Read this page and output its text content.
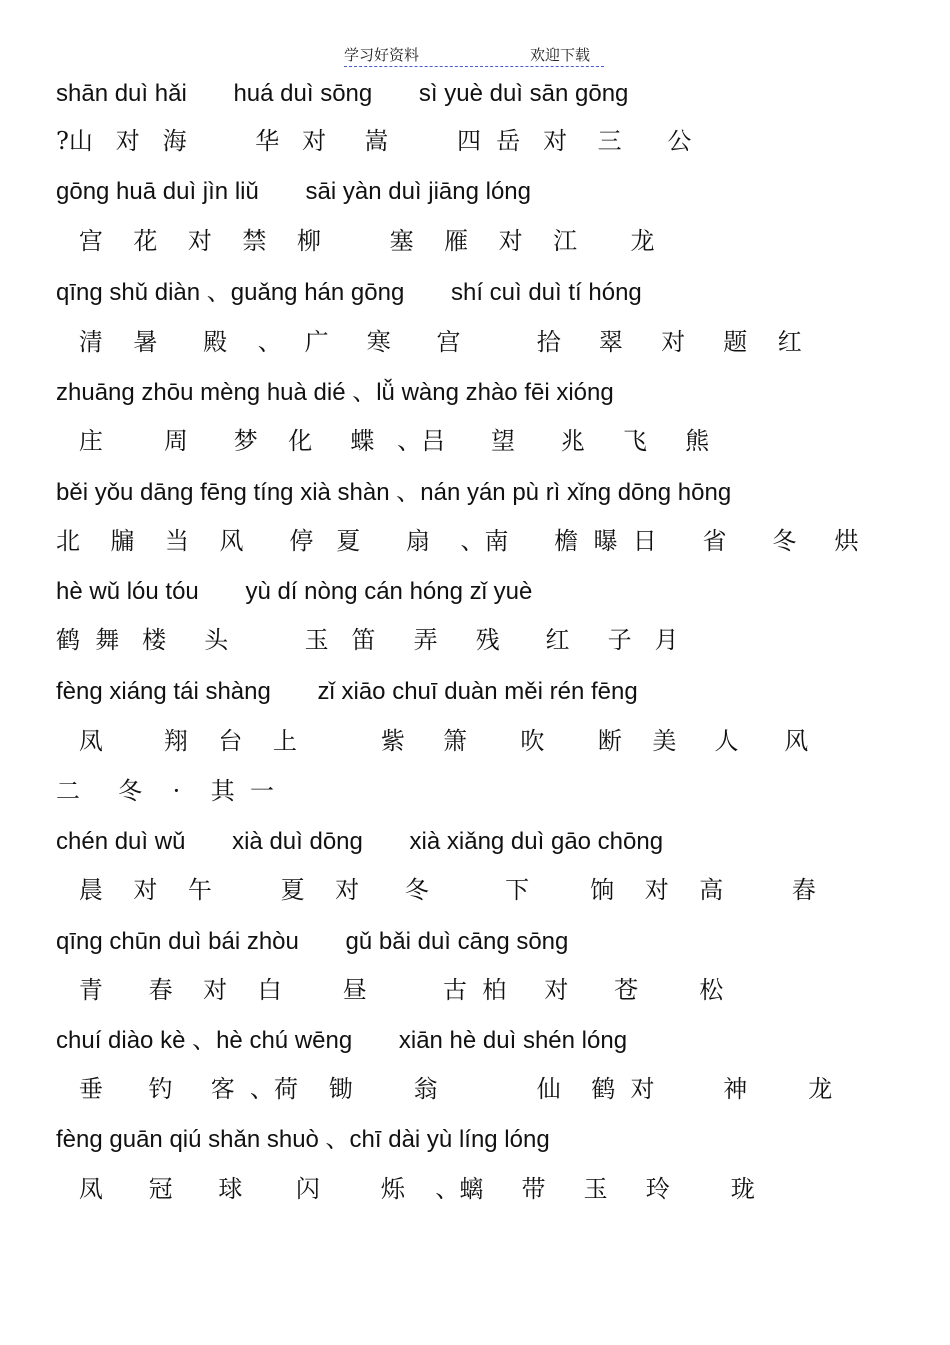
学习好资料	欢迎下载
shān duì hǎi       huá duì sōng       sì yuè duì sān gōng
?山   对   海         华   对     嵩         四  岳   对    三      公
gōng huā duì jìn liǔ       sāi yàn duì jiāng lóng
宫    花    对    禁    柳         塞    雁    对    江       龙
qīng shǔ diàn 、guǎng hán gōng       shí cuì duì tí hóng
清    暑      殿    、   广     寒      宫          拾     翠     对     题    红
zhuāng zhōu mèng huà dié 、lǚ wàng zhào fēi xióng
庄        周      梦    化     蝶   、吕      望      兆     飞     熊
běi yǒu dāng fēng tíng xià shàn 、nán yán pù rì xǐng dōng hōng
北    牖    当    风      停   夏      扇    、南      檐  曝  日      省      冬     烘
hè wǔ lóu tóu       yù dí nòng cán hóng zǐ yuè
鹤  舞   楼     头          玉   笛     弄     残      红     子   月
fèng xiáng tái shàng       zǐ xiāo chuī duàn měi rén fēng
凤        翔    台    上           紫     箫       吹       断    美     人      风
二     冬    ·    其  一
chén duì wǔ       xià duì dōng       xià xiǎng duì gāo chōng
晨    对    午         夏    对      冬          下        饷    对    高         舂
qīng chūn duì bái zhòu       gǔ bǎi duì cāng sōng
青      春    对    白        昼          古  柏     对      苍        松
chuí diào kè 、hè chú wēng       xiān hè duì shén lóng
垂      钓     客  、荷    锄        翁             仙    鹤  对         神        龙
fèng guān qiú shǎn shuò 、chī dài yù líng lóng
凤      冠      球       闪        烁    、螭     带     玉     玲        珑
